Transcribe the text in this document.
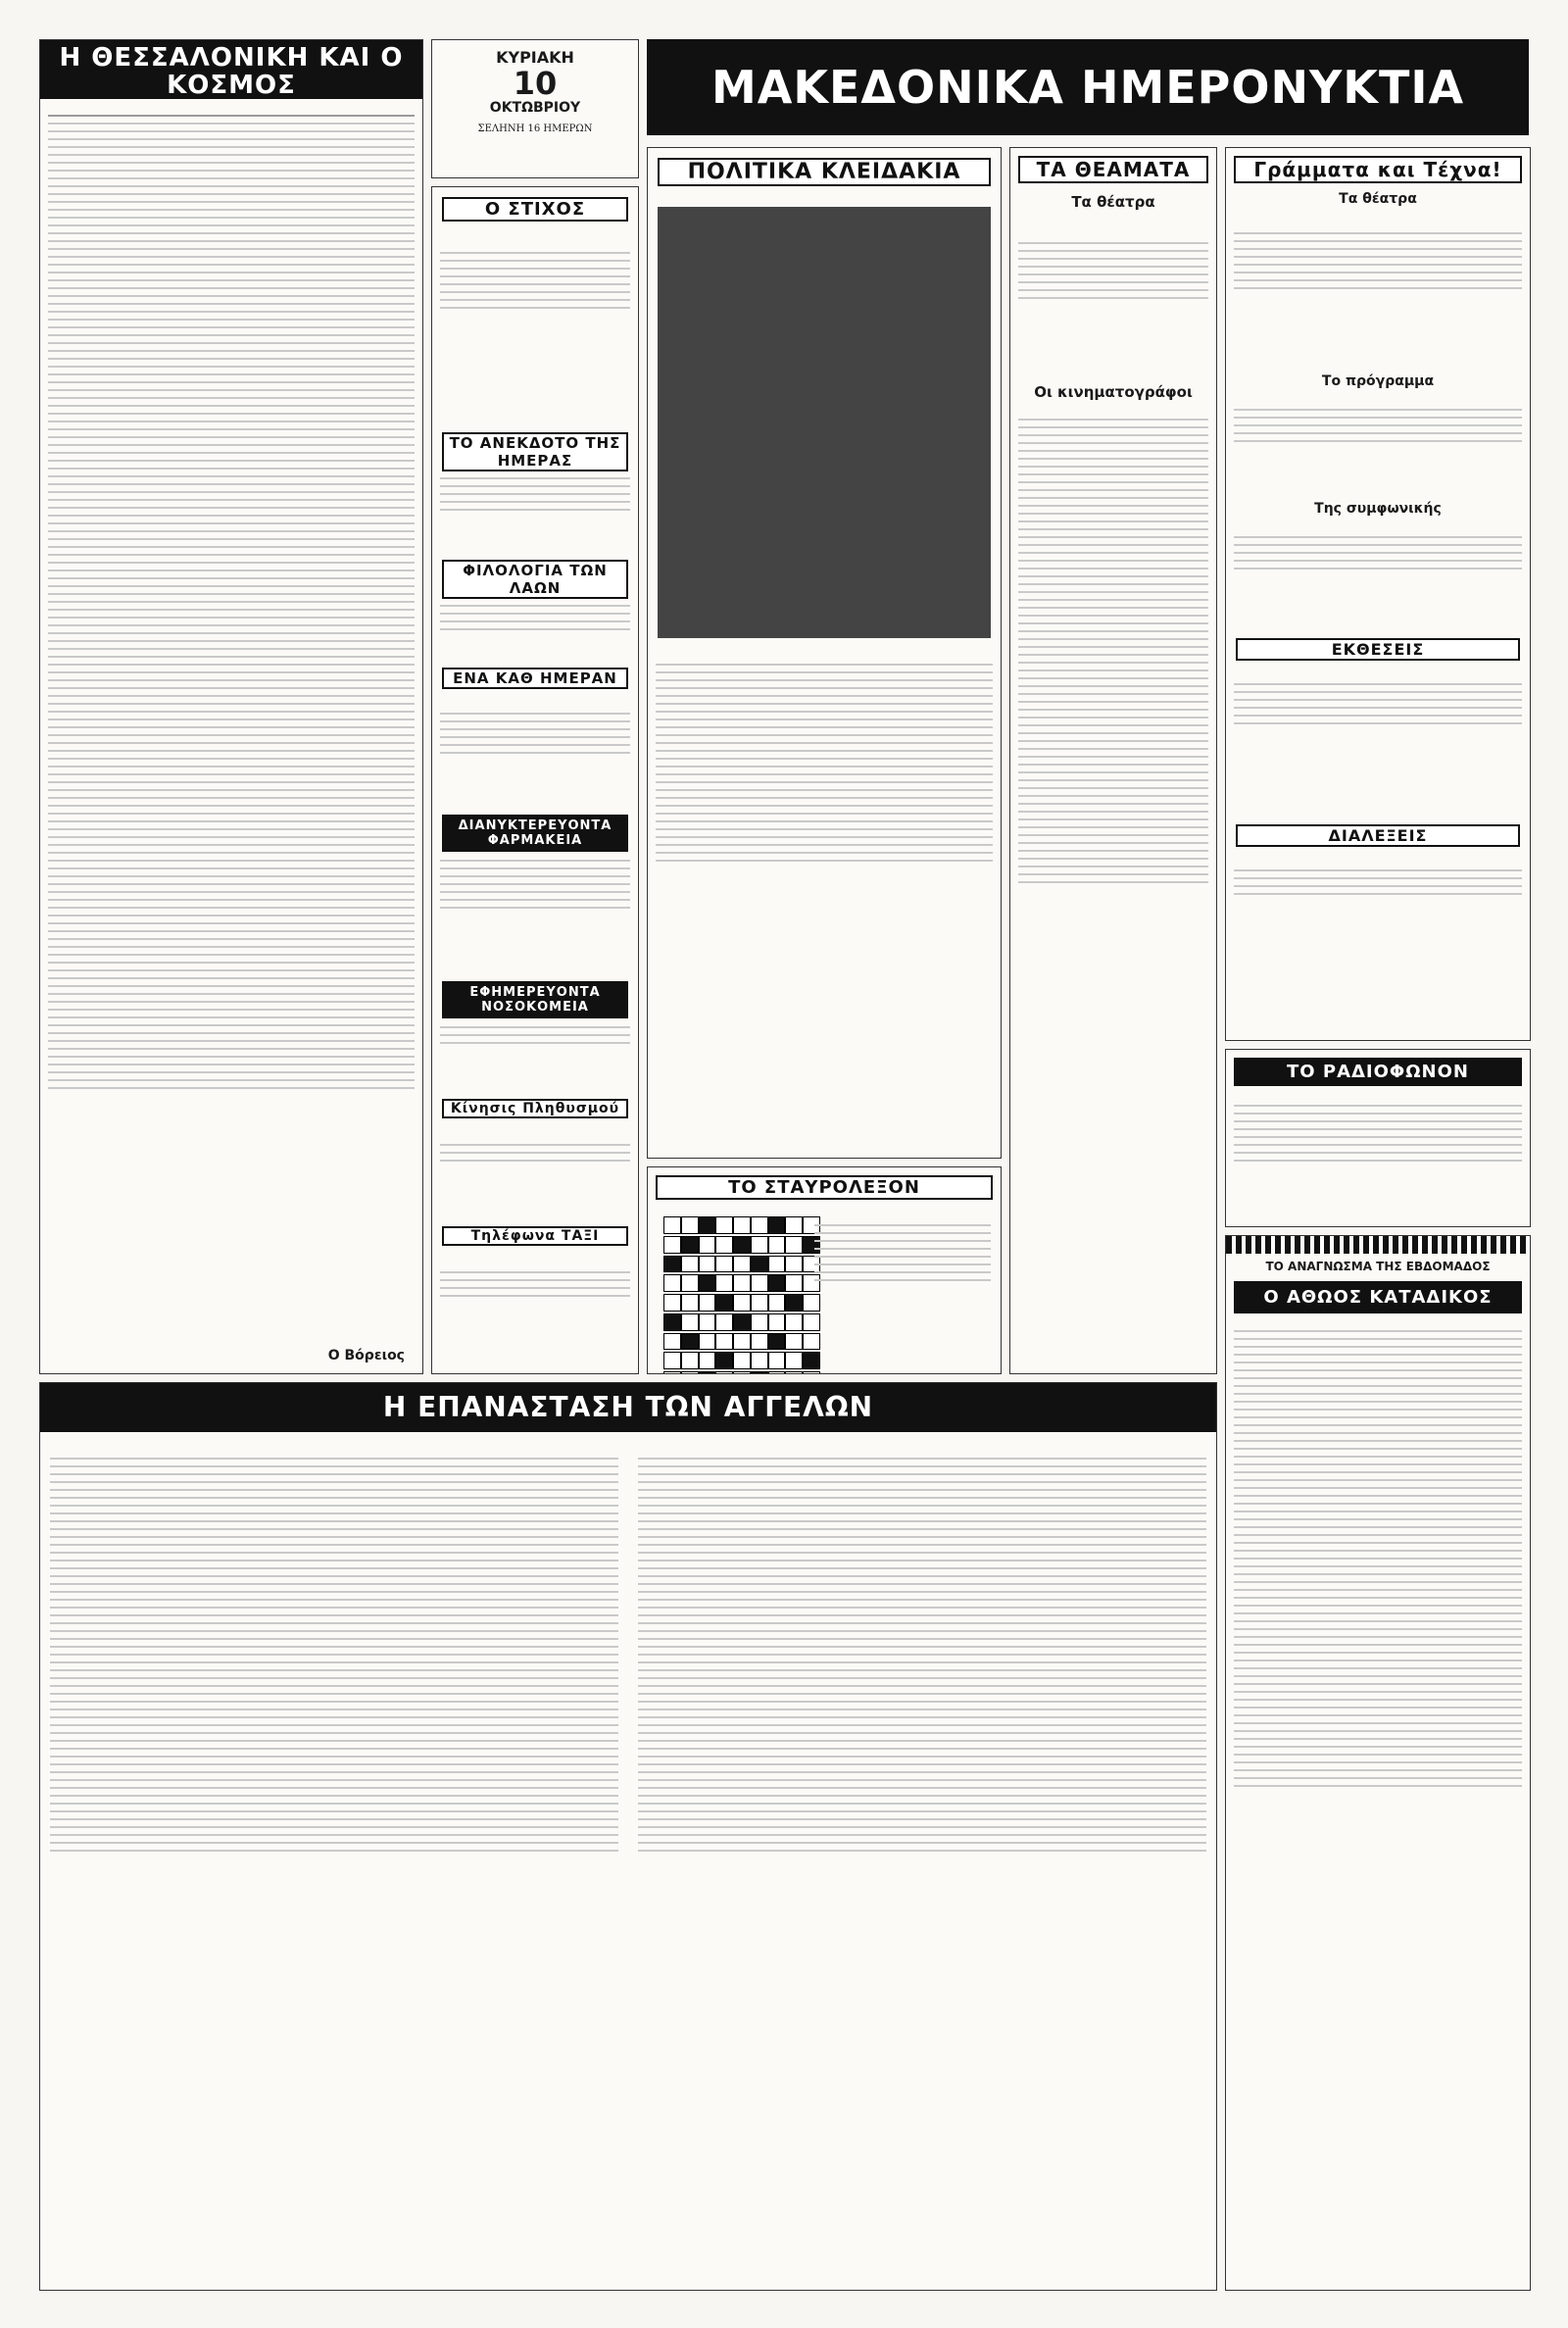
Η ΘΕΣΣΑΛΟΝΙΚΗ ΚΑΙ Ο ΚΟΣΜΟΣ
Ο Βόρειος
ΚΥΡΙΑΚΗ
10
ΟΚΤΩΒΡΙΟΥ
ΣΕΛΗΝΗ 16 ΗΜΕΡΩΝ
ΜΑΚΕΔΟΝΙΚΑ ΗΜΕΡΟΝΥΚΤΙΑ
Ο ΣΤΙΧΟΣ
ΤΟ ΑΝΕΚΔΟΤΟ ΤΗΣ ΗΜΕΡΑΣ
ΦΙΛΟΛΟΓΙΑ ΤΩΝ ΛΑΩΝ
ΕΝΑ ΚΑΘ ΗΜΕΡΑΝ
ΔΙΑΝΥΚΤΕΡΕΥΟΝΤΑ ΦΑΡΜΑΚΕΙΑ
ΕΦΗΜΕΡΕΥΟΝΤΑ ΝΟΣΟΚΟΜΕΙΑ
Κίνησις Πληθυσμού
Τηλέφωνα ΤΑΞΙ
ΠΟΛΙΤΙΚΑ ΚΛΕΙΔΑΚΙΑ
ΤΟ ΣΤΑΥΡΟΛΕΞΟΝ
ΤΑ ΘΕΑΜΑΤΑ
Τα θέατρα
Οι κινηματογράφοι
Γράμματα και Τέχνα!
Τα θέατρα
Το πρόγραμμα
Της συμφωνικής
ΕΚΘΕΣΕΙΣ
ΔΙΑΛΕΞΕΙΣ
ΤΟ ΡΑΔΙΟΦΩΝΟΝ
ΤΟ ΑΝΑΓΝΩΣΜΑ ΤΗΣ ΕΒΔΟΜΑΔΟΣ
Ο ΑΘΩΟΣ ΚΑΤΑΔΙΚΟΣ
Η ΕΠΑΝΑΣΤΑΣΗ ΤΩΝ ΑΓΓΕΛΩΝ
